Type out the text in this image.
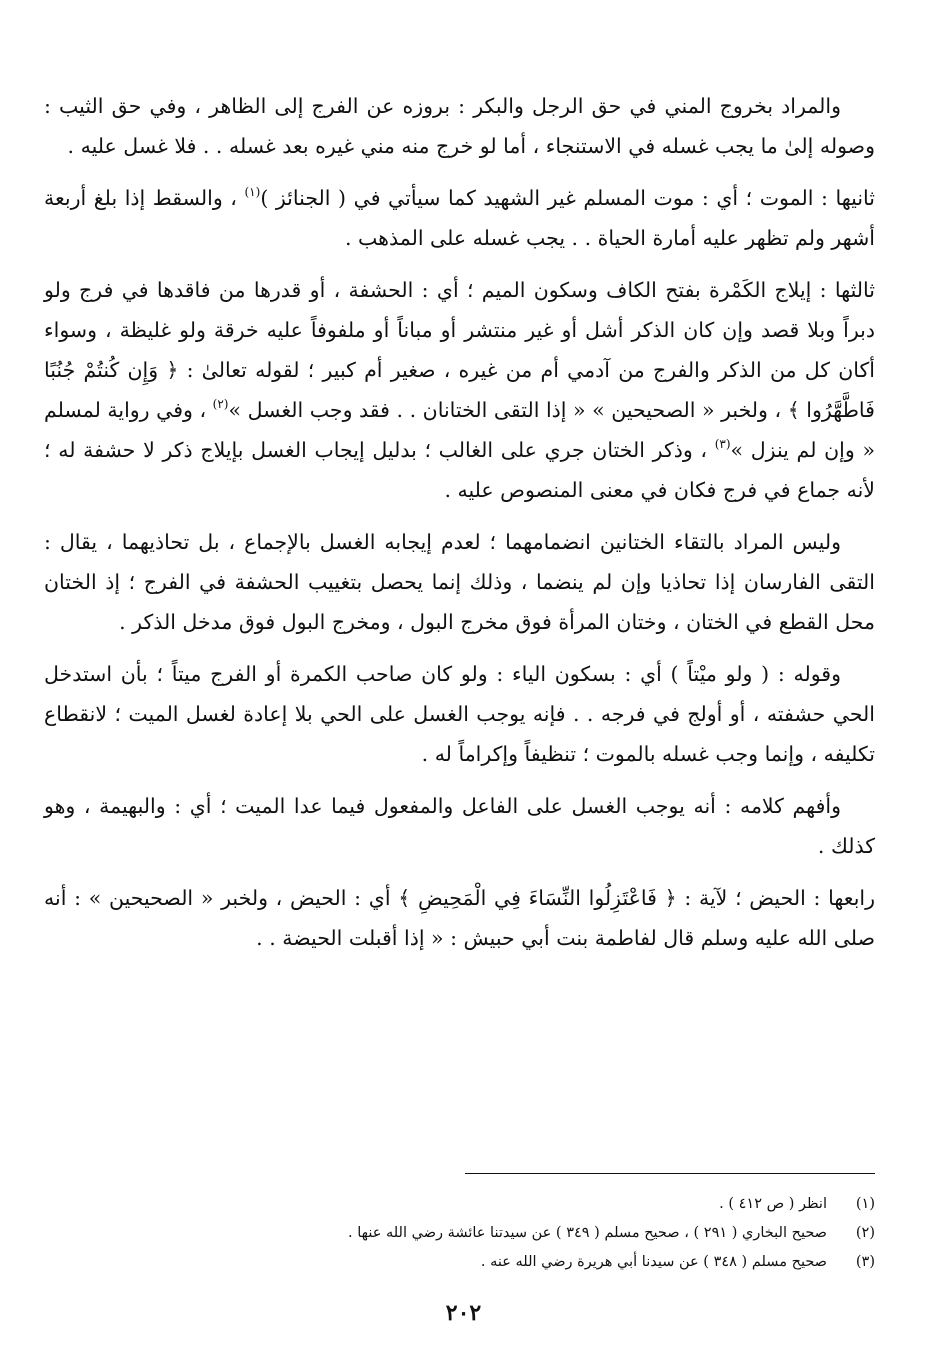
والمراد بخروج المني في حق الرجل والبكر : بروزه عن الفرج إلى الظاهر ، وفي حق الثيب : وصوله إلىٰ ما يجب غسله في الاستنجاء ، أما لو خرج منه مني غيره بعد غسله . . فلا غسل عليه .

ثانيها : الموت ؛ أي : موت المسلم غير الشهيد كما سيأتي في ( الجنائز )$^{(١)}$ ، والسقط إذا بلغ أربعة أشهر ولم تظهر عليه أمارة الحياة . . يجب غسله على المذهب .

ثالثها : إيلاج الكَمْرة بفتح الكاف وسكون الميم ؛ أي : الحشفة ، أو قدرها من فاقدها في فرج ولو دبراً وبلا قصد وإن كان الذكر أشل أو غير منتشر أو مباناً أو ملفوفاً عليه خرقة ولو غليظة ، وسواء أكان كل من الذكر والفرج من آدمي أم من غيره ، صغير أم كبير ؛ لقوله تعالىٰ : ﴿ وَإِن كُنتُمْ جُنُبًا فَاطَّهَّرُوا ﴾ ، ولخبر « الصحيحين » « إذا التقى الختانان . . فقد وجب الغسل »$^{(٢)}$ ، وفي رواية لمسلم « وإن لم ينزل »$^{(٣)}$ ، وذكر الختان جري على الغالب ؛ بدليل إيجاب الغسل بإيلاج ذكر لا حشفة له ؛ لأنه جماع في فرج فكان في معنى المنصوص عليه .

وليس المراد بالتقاء الختانين انضمامهما ؛ لعدم إيجابه الغسل بالإجماع ، بل تحاذيهما ، يقال : التقى الفارسان إذا تحاذيا وإن لم ينضما ، وذلك إنما يحصل بتغييب الحشفة في الفرج ؛ إذ الختان محل القطع في الختان ، وختان المرأة فوق مخرج البول ، ومخرج البول فوق مدخل الذكر .

وقوله : ( ولو ميْتاً ) أي : بسكون الياء : ولو كان صاحب الكمرة أو الفرج ميتاً ؛ بأن استدخل الحي حشفته ، أو أولج في فرجه . . فإنه يوجب الغسل على الحي بلا إعادة لغسل الميت ؛ لانقطاع تكليفه ، وإنما وجب غسله بالموت ؛ تنظيفاً وإكراماً له .

وأفهم كلامه : أنه يوجب الغسل على الفاعل والمفعول فيما عدا الميت ؛ أي : والبهيمة ، وهو كذلك .

رابعها : الحيض ؛ لآية : ﴿ فَاعْتَزِلُوا النِّسَاءَ فِي الْمَحِيضِ ﴾ أي : الحيض ، ولخبر « الصحيحين » : أنه صلى الله عليه وسلم قال لفاطمة بنت أبي حبيش : « إذا أقبلت الحيضة . .

(١)
انظر ( ص ٤١٢ ) .
(٢)
صحيح البخاري ( ٢٩١ ) ، صحيح مسلم ( ٣٤٩ ) عن سيدتنا عائشة رضي الله عنها .
(٣)
صحيح مسلم ( ٣٤٨ ) عن سيدنا أبي هريرة رضي الله عنه .
٢٠٢
